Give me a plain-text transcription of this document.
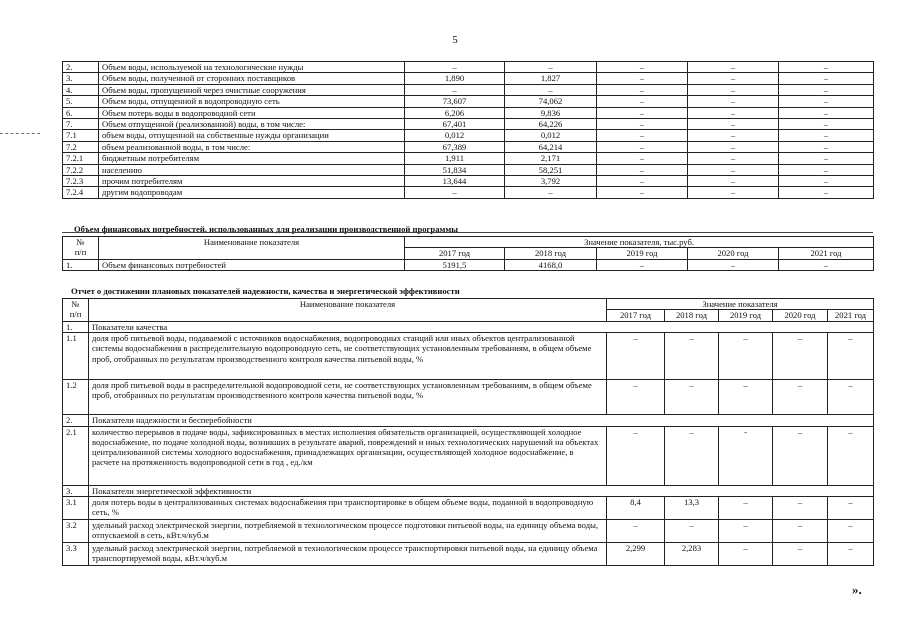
5
2.	Объем воды, используемой на технологические нужды	–	–	–	–	–
3.	Объем воды, полученной от сторонних поставщиков	1,890	1,827	–	–	–
4.	Объем воды, пропущенной через очистные сооружения	–	–	–	–	–
5.	Объем воды, отпущенной в водопроводную сеть	73,607	74,062	–	–	–
6.	Объем потерь воды в водопроводной сети	6,206	9,836	–	–	–
7.	Объем отпущенной (реализованной) воды, в том числе:	67,401	64,226	–	–	–
7.1	объем воды, отпущенной на собственные нужды организации	0,012	0,012	–	–	–
7.2	объем реализованной воды, в том числе:	67,389	64,214	–	–	–
7.2.1	бюджетным потребителям	1,911	2,171	–	–	–
7.2.2	населению	51,834	58,251	–	–	–
7.2.3	прочим потребителям	13,644	3,792	–	–	–
7.2.4	другим водопроводам	–	–	–	–	–
Объем финансовых потребностей, использованных для реализации производственной программы
№
п/п	Наименование показателя	Значение показателя, тыс.руб.				
		2017 год	2018 год	2019 год	2020 год	2021 год
1.	Объем финансовых потребностей	5191,5	4168,0	–	–	–
Отчет о достижении плановых показателей надежности, качества и энергетической эффективности
№
п/п	Наименование показателя	Значение показателя				
		2017 год	2018 год	2019 год	2020 год	2021 год
1.	Показатели качества					
1.1	доля проб питьевой воды, подаваемой с источников водоснабжения, водопроводных станций или иных объектов централизованной системы водоснабжения в распределительную водопроводную сеть, не соответствующих установленным требованиям, в общем объеме проб, отобранных по результатам производственного контроля качества питьевой воды, %	–	–	–	–	–
1.2	доля проб питьевой воды в распределительной водопроводной сети, не соответствующих установленным требованиям, в общем объеме проб, отобранных по результатам производственного контроля качества питьевой воды, %	–	–	–	–	–
2.	Показатели надежности и бесперебойности					
2.1	количество перерывов в подаче воды, зафиксированных в местах исполнения обязательств организацией, осуществляющей холодное водоснабжение, по подаче холодной воды, возникших в результате аварий, повреждений и иных технологических нарушений на объектах централизованной системы холодного водоснабжения, принадлежащих организации, осуществляющей холодное водоснабжение, в расчете на протяженность водопроводной сети в год , ед./км	–	–	-	–	–
3.	Показатели энергетической эффективности					
3.1	доля потерь воды в централизованных системах водоснабжения при транспортировке в общем объеме воды, поданной в водопроводную сеть, %	8,4	13,3	–	–	–
3.2	удельный расход электрической энергии, потребляемой в технологическом процессе подготовки питьевой воды, на единицу объема воды, отпускаемой в сеть, кВт.ч/куб.м	–	–	–	–	–
3.3	удельный расход электрической энергии, потребляемой в технологическом процессе транспортировки питьевой воды, на единицу объема транспортируемой воды, кВт.ч/куб.м	2,299	2,283	–	–	–
».
